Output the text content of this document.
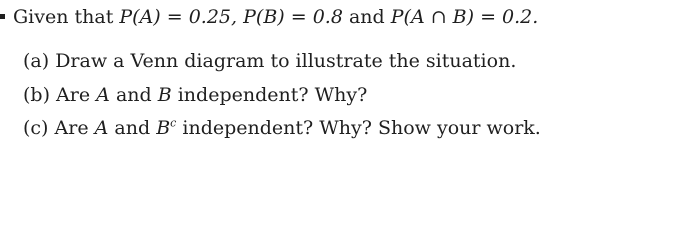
Given that P(A) = 0.25, P(B) = 0.8 and P(A ∩ B) = 0.2.
(a) Draw a Venn diagram to illustrate the situation.
(b) Are A and B independent? Why?
(c) Are A and $B^c$ independent? Why? Show your work.
